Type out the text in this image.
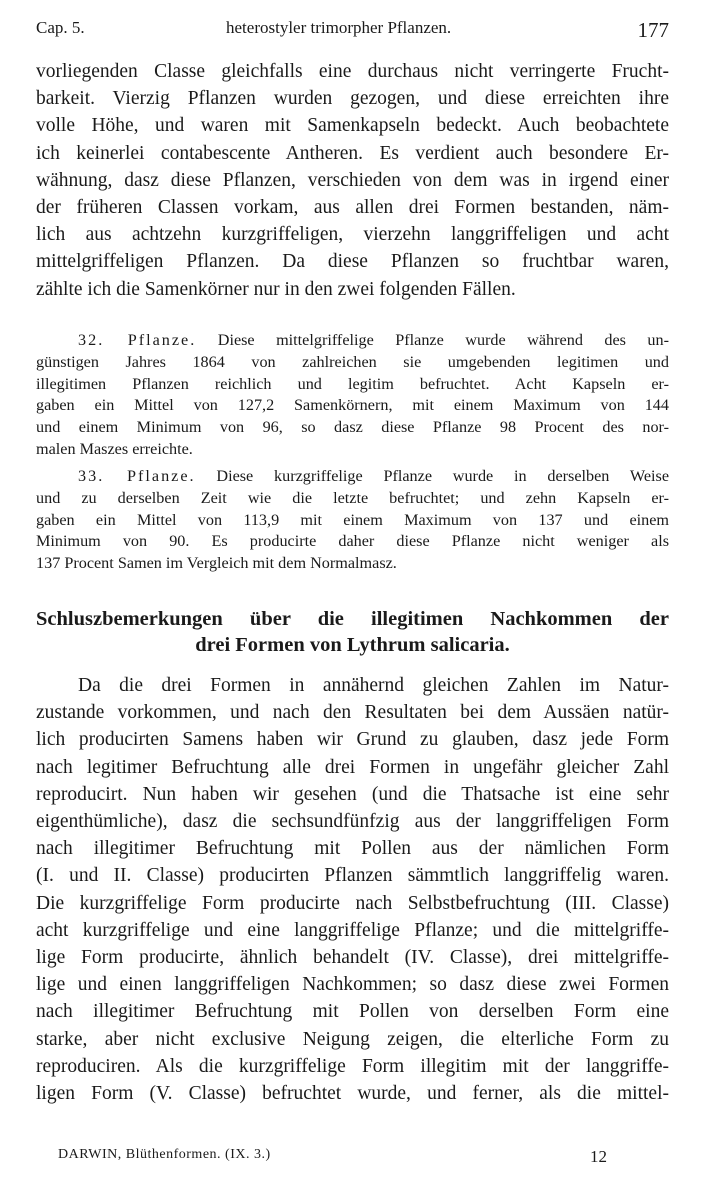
Cap. 5.	heterostyler trimorpher Pflanzen.	177
vorliegenden Classe gleichfalls eine durchaus nicht verringerte Frucht-
barkeit. Vierzig Pflanzen wurden gezogen, und diese erreichten ihre
volle Höhe, und waren mit Samenkapseln bedeckt. Auch beobachtete
ich keinerlei contabescente Antheren. Es verdient auch besondere Er-
wähnung, dasz diese Pflanzen, verschieden von dem was in irgend einer
der früheren Classen vorkam, aus allen drei Formen bestanden, näm-
lich aus achtzehn kurzgriffeligen, vierzehn langgriffeligen und acht
mittelgriffeligen Pflanzen. Da diese Pflanzen so fruchtbar waren,
zählte ich die Samenkörner nur in den zwei folgenden Fällen.
32. Pflanze. Diese mittelgriffelige Pflanze wurde während des un-
günstigen Jahres 1864 von zahlreichen sie umgebenden legitimen und
illegitimen Pflanzen reichlich und legitim befruchtet. Acht Kapseln er-
gaben ein Mittel von 127,2 Samenkörnern, mit einem Maximum von 144
und einem Minimum von 96, so dasz diese Pflanze 98 Procent des nor-
malen Maszes erreichte.
33. Pflanze. Diese kurzgriffelige Pflanze wurde in derselben Weise
und zu derselben Zeit wie die letzte befruchtet; und zehn Kapseln er-
gaben ein Mittel von 113,9 mit einem Maximum von 137 und einem
Minimum von 90. Es producirte daher diese Pflanze nicht weniger als
137 Procent Samen im Vergleich mit dem Normalmasz.
Schluszbemerkungen über die illegitimen Nachkommen der
drei Formen von Lythrum salicaria.
Da die drei Formen in annähernd gleichen Zahlen im Natur-
zustande vorkommen, und nach den Resultaten bei dem Aussäen natür-
lich producirten Samens haben wir Grund zu glauben, dasz jede Form
nach legitimer Befruchtung alle drei Formen in ungefähr gleicher Zahl
reproducirt. Nun haben wir gesehen (und die Thatsache ist eine sehr
eigenthümliche), dasz die sechsundfünfzig aus der langgriffeligen Form
nach illegitimer Befruchtung mit Pollen aus der nämlichen Form
(I. und II. Classe) producirten Pflanzen sämmtlich langgriffelig waren.
Die kurzgriffelige Form producirte nach Selbstbefruchtung (III. Classe)
acht kurzgriffelige und eine langgriffelige Pflanze; und die mittelgriffe-
lige Form producirte, ähnlich behandelt (IV. Classe), drei mittelgriffe-
lige und einen langgriffeligen Nachkommen; so dasz diese zwei Formen
nach illegitimer Befruchtung mit Pollen von derselben Form eine
starke, aber nicht exclusive Neigung zeigen, die elterliche Form zu
reproduciren. Als die kurzgriffelige Form illegitim mit der langgriffe-
ligen Form (V. Classe) befruchtet wurde, und ferner, als die mittel-
DARWIN, Blüthenformen. (IX. 3.)	12
